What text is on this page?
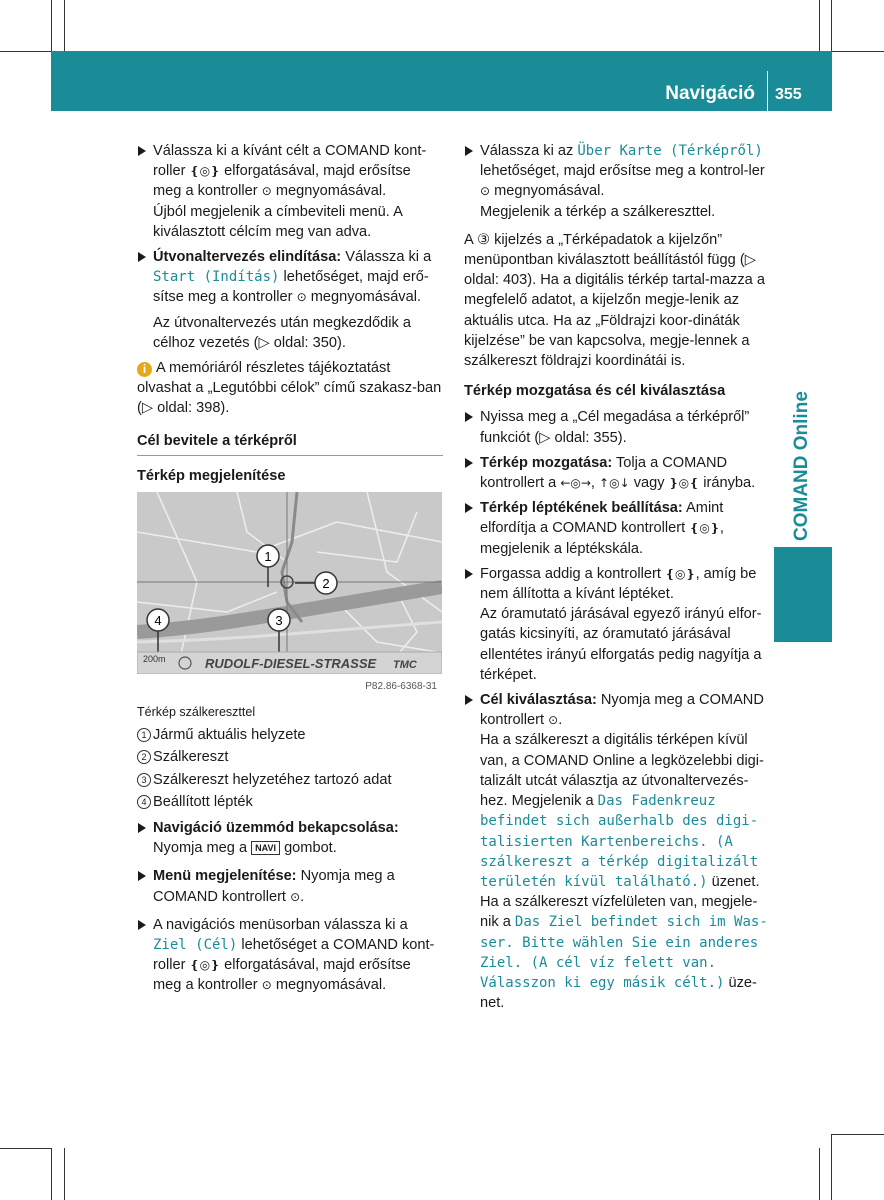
Navigáció 355
COMAND Online
Válassza ki a kívánt célt a COMAND kont-roller ❴◎❵ elforgatásával, majd erősítse meg a kontroller ⊙ megnyomásával.
Újból megjelenik a címbeviteli menü. A kiválasztott célcím meg van adva.
Útvonaltervezés elindítása: Válassza ki a Start (Indítás) lehetőséget, majd erő-sítse meg a kontroller ⊙ megnyomásával.

Az útvonaltervezés után megkezdődik a célhoz vezetés (▷ oldal: 350).

i A memóriáról részletes tájékoztatást olvashat a „Legutóbbi célok” című szakasz-ban (▷ oldal: 398).

Cél bevitele a térképről
Térkép megjelenítése
1
2
3
4
200m	RUDOLF-DIESEL-STRASSE TMC
P82.86-6368-31

Térkép szálkereszttel

1 Jármű aktuális helyzete
2 Szálkereszt
3 Szálkereszt helyzetéhez tartozó adat
4 Beállított lépték
Navigáció üzemmód bekapcsolása:
Nyomja meg a NAVI gombot.
Menü megjelenítése: Nyomja meg a COMAND kontrollert ⊙.
A navigációs menüsorban válassza ki a Ziel (Cél) lehetőséget a COMAND kont-roller ❴◎❵ elforgatásával, majd erősítse meg a kontroller ⊙ megnyomásával.
Válassza ki az Über Karte (Térképről) lehetőséget, majd erősítse meg a kontrol-ler ⊙ megnyomásával.
Megjelenik a térkép a szálkereszttel.

A ③ kijelzés a „Térképadatok a kijelzőn” menüpontban kiválasztott beállítástól függ (▷ oldal: 403). Ha a digitális térkép tartal-mazza a megfelelő adatot, a kijelzőn megje-lenik az aktuális utca. Ha az „Földrajzi koor-dináták kijelzése” be van kapcsolva, megje-lennek a szálkereszt földrajzi koordinátái is.

Térkép mozgatása és cél kiválasztása
Nyissa meg a „Cél megadása a térképről” funkciót (▷ oldal: 355).
Térkép mozgatása: Tolja a COMAND kontrollert a ←◎→, ↑◎↓ vagy ❵◎❴ irányba.
Térkép léptékének beállítása: Amint elfordítja a COMAND kontrollert ❴◎❵, megjelenik a léptékskála.
Forgassa addig a kontrollert ❴◎❵, amíg be nem állította a kívánt léptéket.
Az óramutató járásával egyező irányú elfor-gatás kicsinyíti, az óramutató járásával ellentétes irányú elforgatás pedig nagyítja a térképet.
Cél kiválasztása: Nyomja meg a COMAND kontrollert ⊙.
Ha a szálkereszt a digitális térképen kívül van, a COMAND Online a legközelebbi digi-talizált utcát választja az útvonaltervezés-hez. Megjelenik a Das Fadenkreuz befindet sich außerhalb des digi-talisierten Kartenbereichs. (A szálkereszt a térkép digitalizált területén kívül található.) üzenet. Ha a szálkereszt vízfelületen van, megjele-nik a Das Ziel befindet sich im Was-ser. Bitte wählen Sie ein anderes Ziel. (A cél víz felett van. Válasszon ki egy másik célt.) üze-net.
